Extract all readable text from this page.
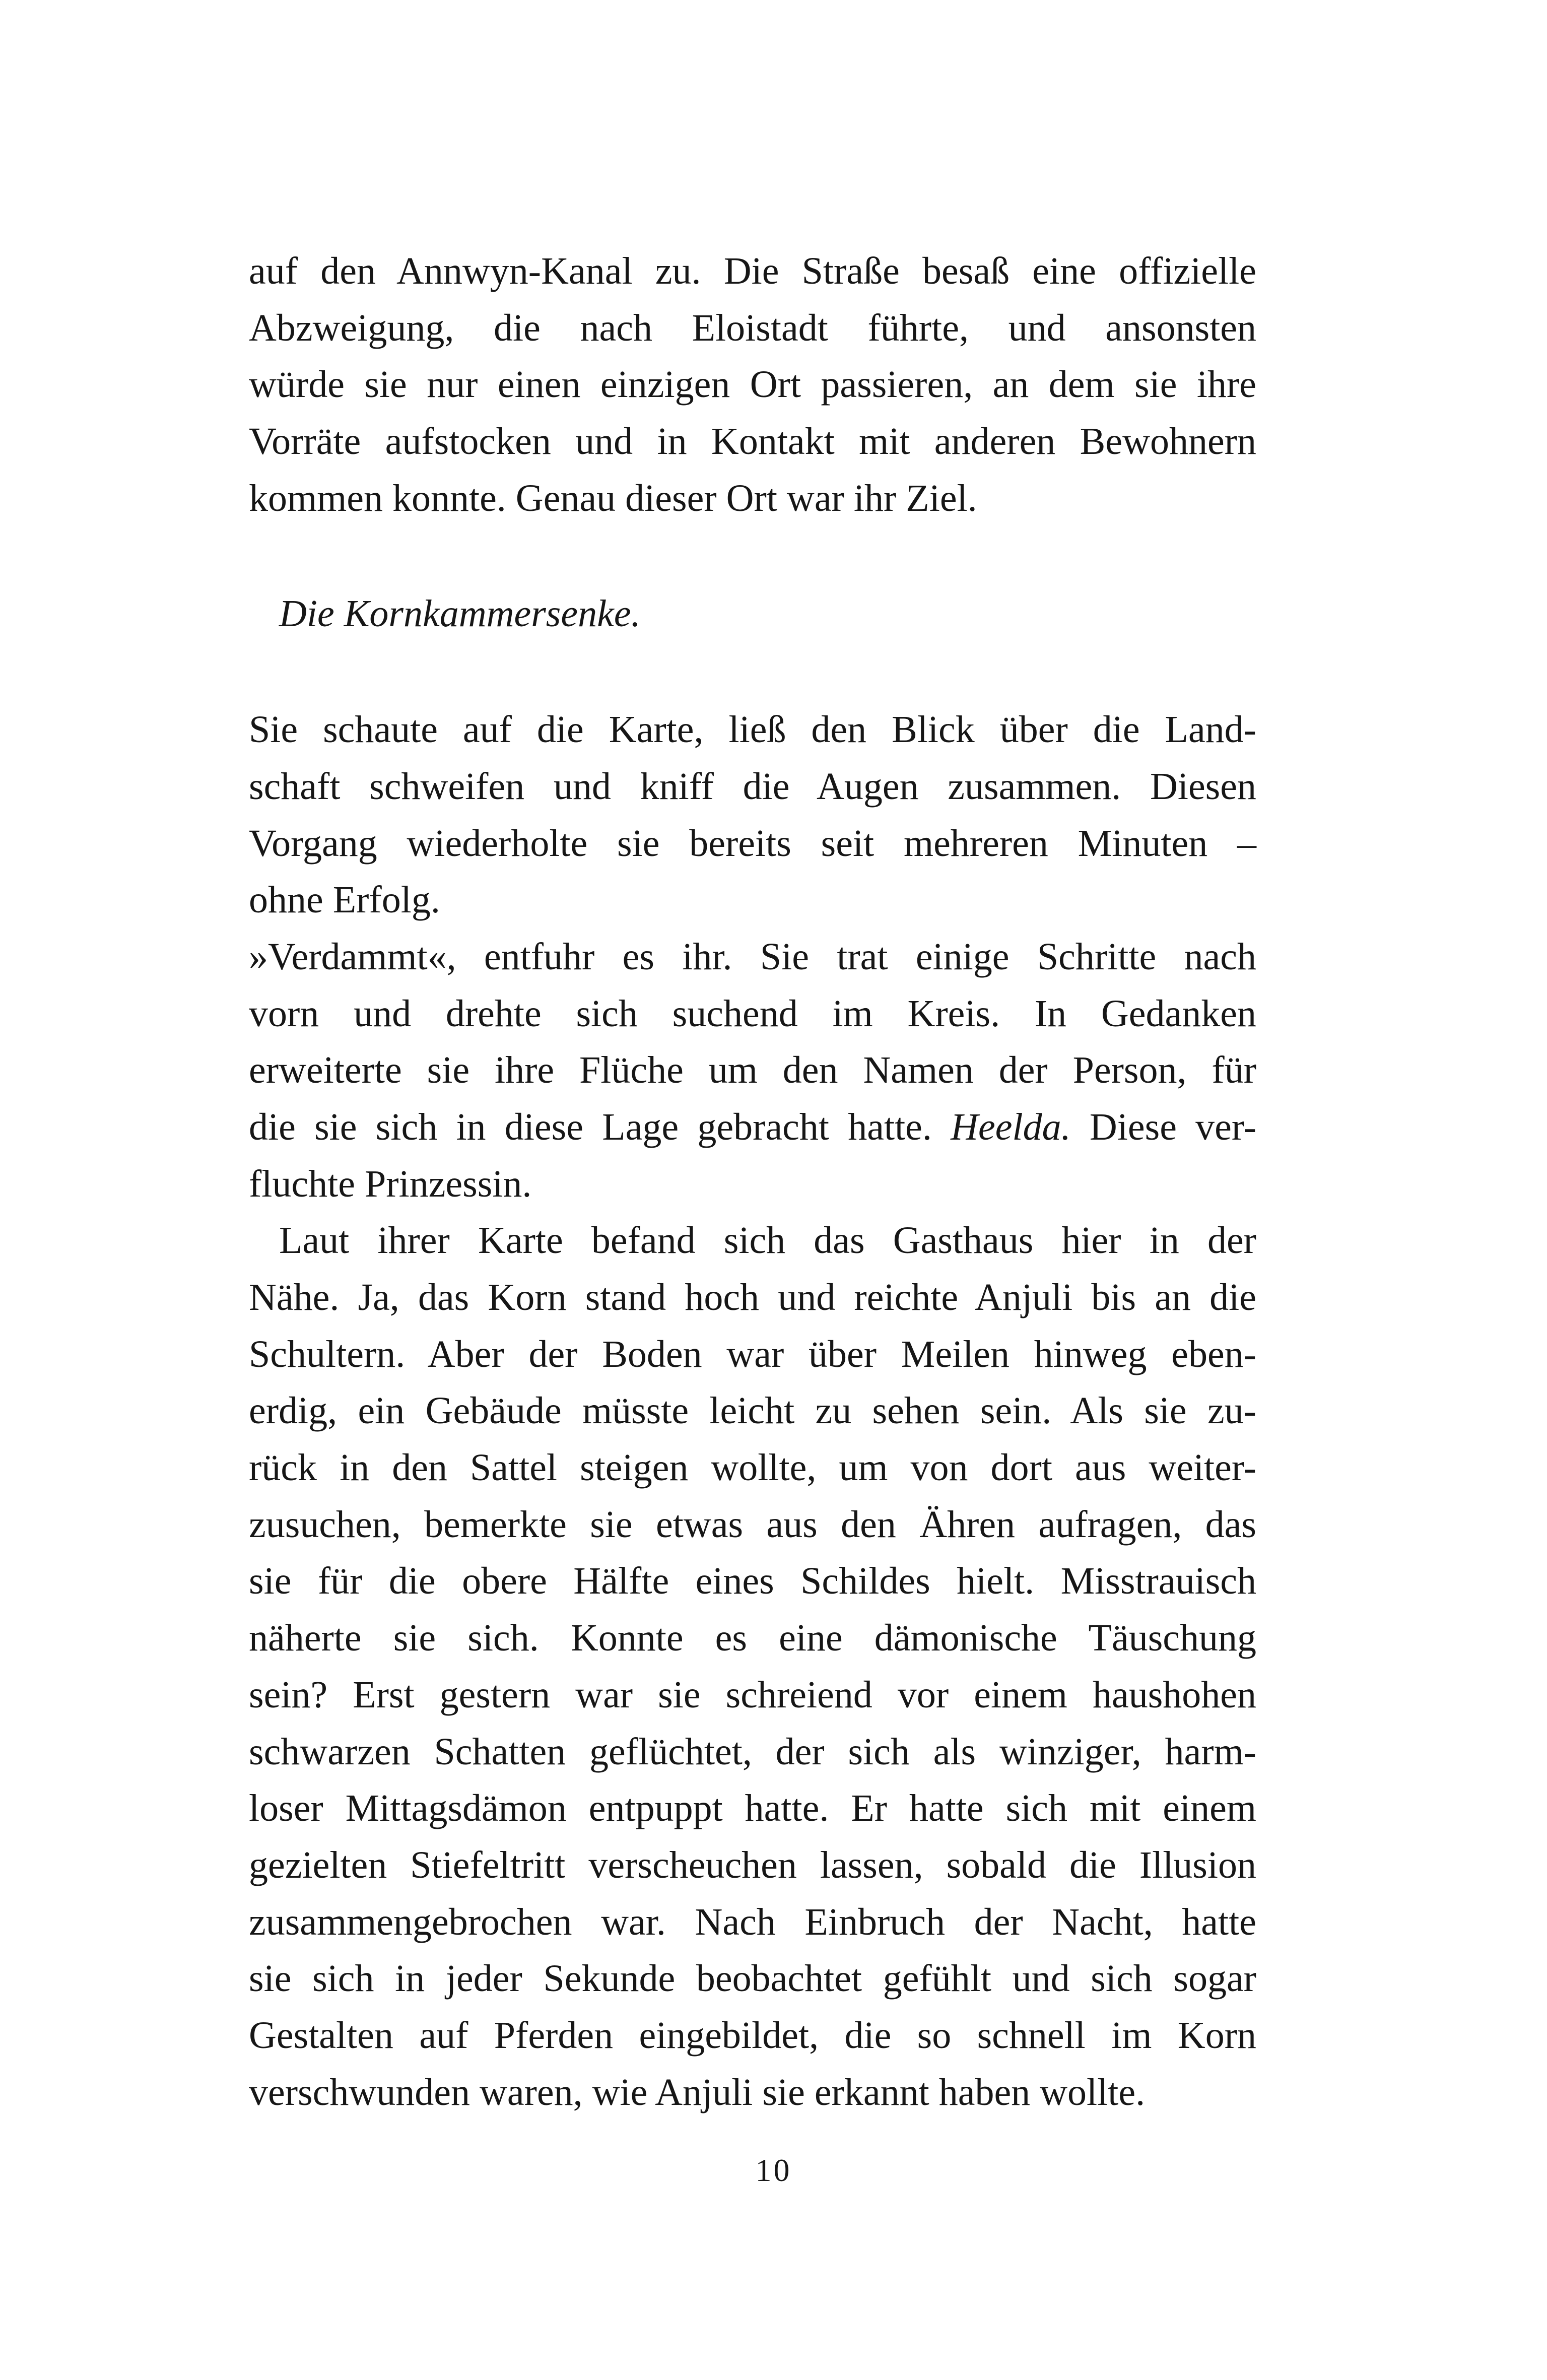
auf den Annwyn-Kanal zu. Die Straße besaß eine offizielle
Abzweigung, die nach Eloistadt führte, und ansonsten
würde sie nur einen einzigen Ort passieren, an dem sie ihre
Vorräte aufstocken und in Kontakt mit anderen Bewohnern
kommen konnte. Genau dieser Ort war ihr Ziel.

Die Kornkammersenke.

Sie schaute auf die Karte, ließ den Blick über die Land-
schaft schweifen und kniff die Augen zusammen. Diesen
Vorgang wiederholte sie bereits seit mehreren Minuten –
ohne Erfolg.
»Verdammt«, entfuhr es ihr. Sie trat einige Schritte nach
vorn und drehte sich suchend im Kreis. In Gedanken
erweiterte sie ihre Flüche um den Namen der Person, für
die sie sich in diese Lage gebracht hatte. Heelda. Diese ver-
fluchte Prinzessin.
Laut ihrer Karte befand sich das Gasthaus hier in der
Nähe. Ja, das Korn stand hoch und reichte Anjuli bis an die
Schultern. Aber der Boden war über Meilen hinweg eben-
erdig, ein Gebäude müsste leicht zu sehen sein. Als sie zu-
rück in den Sattel steigen wollte, um von dort aus weiter-
zusuchen, bemerkte sie etwas aus den Ähren aufragen, das
sie für die obere Hälfte eines Schildes hielt. Misstrauisch
näherte sie sich. Konnte es eine dämonische Täuschung
sein? Erst gestern war sie schreiend vor einem haushohen
schwarzen Schatten geflüchtet, der sich als winziger, harm-
loser Mittagsdämon entpuppt hatte. Er hatte sich mit einem
gezielten Stiefeltritt verscheuchen lassen, sobald die Illusion
zusammengebrochen war. Nach Einbruch der Nacht, hatte
sie sich in jeder Sekunde beobachtet gefühlt und sich sogar
Gestalten auf Pferden eingebildet, die so schnell im Korn
verschwunden waren, wie Anjuli sie erkannt haben wollte.
10
